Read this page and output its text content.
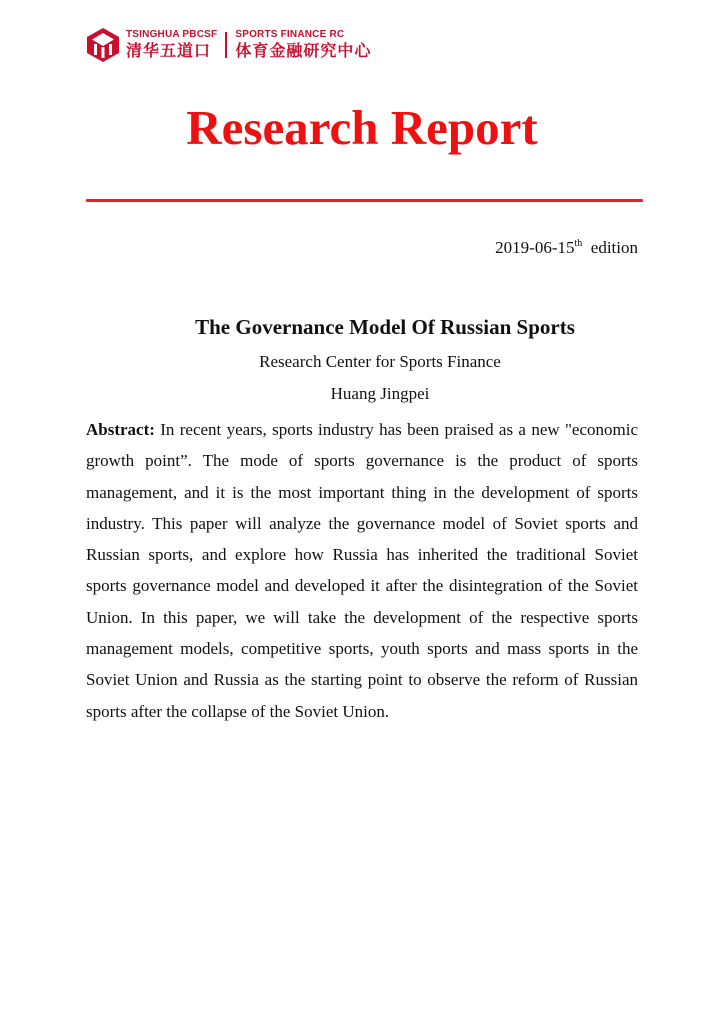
TSINGHUA PBCSF
清华五道口
SPORTS FINANCE RC
体育金融研究中心
Research Report
2019-06-15th edition
The Governance Model Of Russian Sports
Research Center for Sports Finance
Huang Jingpei

Abstract: In recent years, sports industry has been praised as a new "economic growth point”. The mode of sports governance is the product of sports management, and it is the most important thing in the development of sports industry. This paper will analyze the governance model of Soviet sports and Russian sports, and explore how Russia has inherited the traditional Soviet sports governance model and developed it after the disintegration of the Soviet Union. In this paper, we will take the development of the respective sports management models, competitive sports, youth sports and mass sports in the Soviet Union and Russia as the starting point to observe the reform of Russian sports after the collapse of the Soviet Union.
